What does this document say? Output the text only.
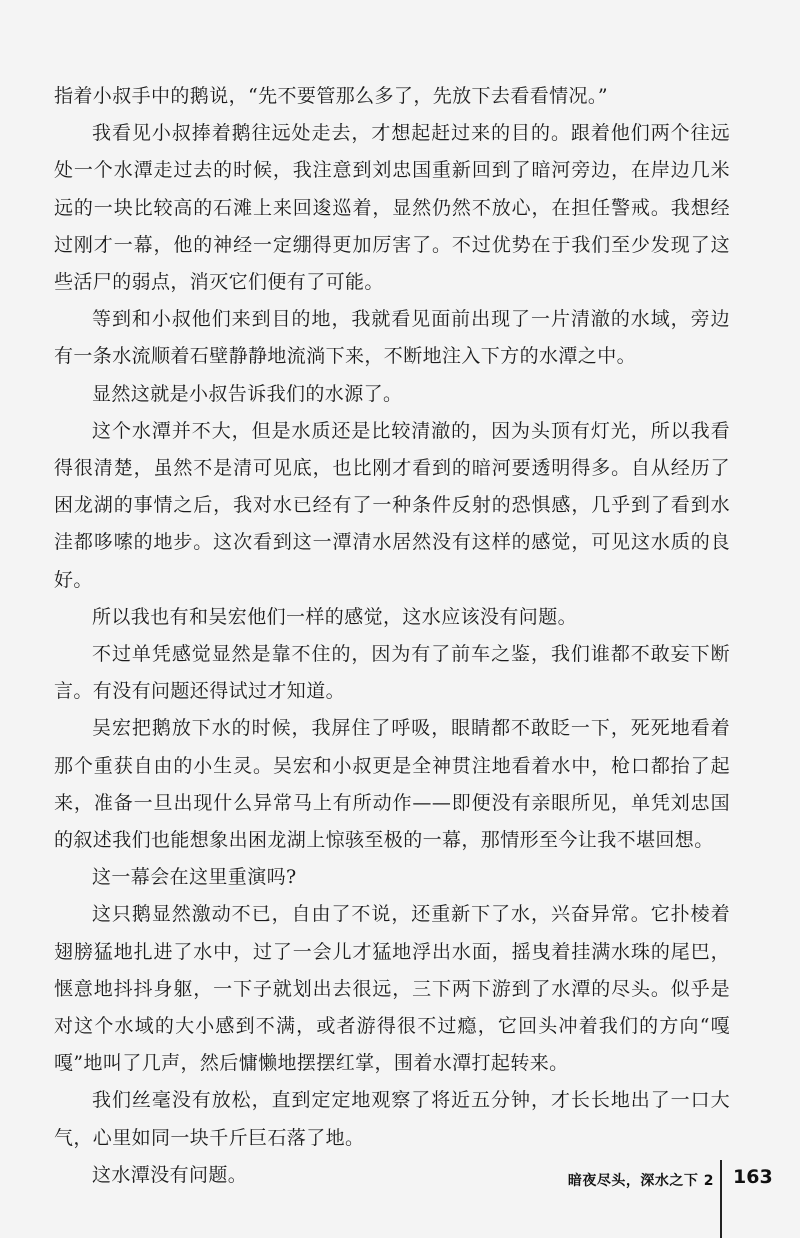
指着小叔手中的鹅说，“先不要管那么多了，先放下去看看情况。”

我看见小叔捧着鹅往远处走去，才想起赶过来的目的。跟着他们两个往远处一个水潭走过去的时候，我注意到刘忠国重新回到了暗河旁边，在岸边几米远的一块比较高的石滩上来回逡巡着，显然仍然不放心，在担任警戒。我想经过刚才一幕，他的神经一定绷得更加厉害了。不过优势在于我们至少发现了这些活尸的弱点，消灭它们便有了可能。

等到和小叔他们来到目的地，我就看见面前出现了一片清澈的水域，旁边有一条水流顺着石壁静静地流淌下来，不断地注入下方的水潭之中。

显然这就是小叔告诉我们的水源了。

这个水潭并不大，但是水质还是比较清澈的，因为头顶有灯光，所以我看得很清楚，虽然不是清可见底，也比刚才看到的暗河要透明得多。自从经历了困龙湖的事情之后，我对水已经有了一种条件反射的恐惧感，几乎到了看到水洼都哆嗦的地步。这次看到这一潭清水居然没有这样的感觉，可见这水质的良好。

所以我也有和吴宏他们一样的感觉，这水应该没有问题。

不过单凭感觉显然是靠不住的，因为有了前车之鉴，我们谁都不敢妄下断言。有没有问题还得试过才知道。

吴宏把鹅放下水的时候，我屏住了呼吸，眼睛都不敢眨一下，死死地看着那个重获自由的小生灵。吴宏和小叔更是全神贯注地看着水中，枪口都抬了起来，准备一旦出现什么异常马上有所动作——即便没有亲眼所见，单凭刘忠国的叙述我们也能想象出困龙湖上惊骇至极的一幕，那情形至今让我不堪回想。

这一幕会在这里重演吗?

这只鹅显然激动不已，自由了不说，还重新下了水，兴奋异常。它扑棱着翅膀猛地扎进了水中，过了一会儿才猛地浮出水面，摇曳着挂满水珠的尾巴，惬意地抖抖身躯，一下子就划出去很远，三下两下游到了水潭的尽头。似乎是对这个水域的大小感到不满，或者游得很不过瘾，它回头冲着我们的方向“嘎嘎”地叫了几声，然后慵懒地摆摆红掌，围着水潭打起转来。

我们丝毫没有放松，直到定定地观察了将近五分钟，才长长地出了一口大气，心里如同一块千斤巨石落了地。

这水潭没有问题。	暗夜尽头，深水之下 2 163
